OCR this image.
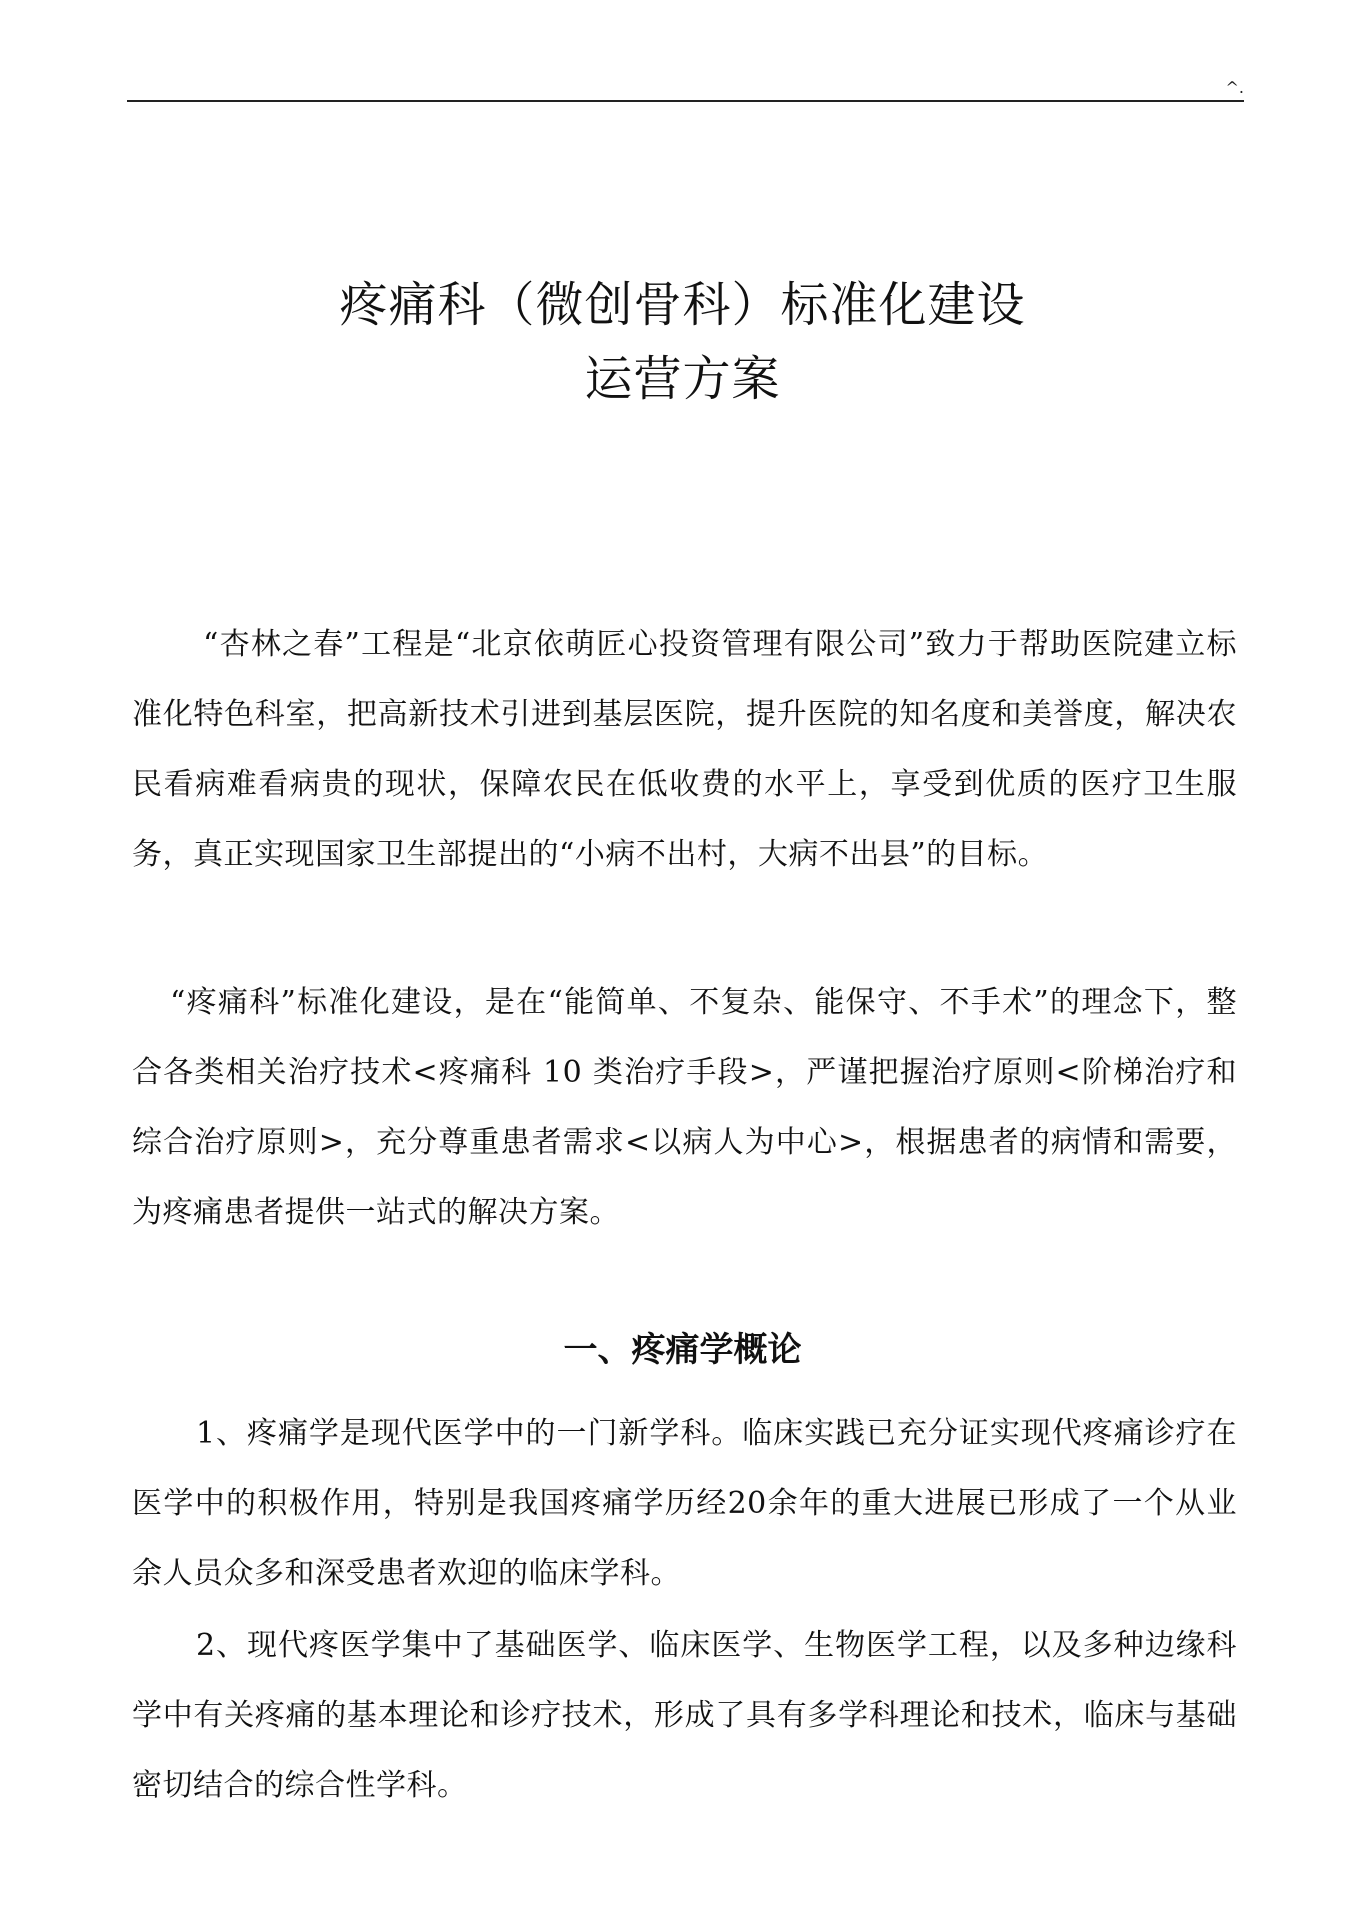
^.
疼痛科（微创骨科）标准化建设
运营方案

“杏林之春”工程是“北京依萌匠心投资管理有限公司”致力于帮助医院建立标准化特色科室，把高新技术引进到基层医院，提升医院的知名度和美誉度，解决农民看病难看病贵的现状，保障农民在低收费的水平上，享受到优质的医疗卫生服务，真正实现国家卫生部提出的“小病不出村，大病不出县”的目标。

“疼痛科”标准化建设，是在“能简单、不复杂、能保守、不手术”的理念下，整合各类相关治疗技术<疼痛科 10 类治疗手段>，严谨把握治疗原则<阶梯治疗和综合治疗原则>，充分尊重患者需求<以病人为中心>，根据患者的病情和需要，为疼痛患者提供一站式的解决方案。

一、疼痛学概论

1、疼痛学是现代医学中的一门新学科。临床实践已充分证实现代疼痛诊疗在医学中的积极作用，特别是我国疼痛学历经20余年的重大进展已形成了一个从业余人员众多和深受患者欢迎的临床学科。

2、现代疼医学集中了基础医学、临床医学、生物医学工程，以及多种边缘科学中有关疼痛的基本理论和诊疗技术，形成了具有多学科理论和技术，临床与基础密切结合的综合性学科。
